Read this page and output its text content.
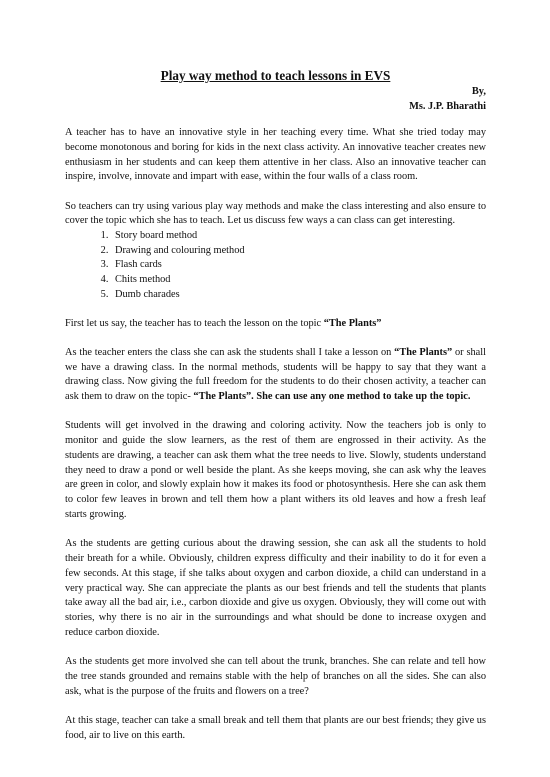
Play way method to teach lessons in EVS
By,
Ms. J.P. Bharathi

A teacher has to have an innovative style in her teaching every time. What she tried today may become monotonous and boring for kids in the next class activity. An innovative teacher creates new enthusiasm in her students and can keep them attentive in her class. Also an innovative teacher can inspire, involve, innovate and impart with ease, within the four walls of a class room.

So teachers can try using various play way methods and make the class interesting and also ensure to cover the topic which she has to teach. Let us discuss few ways a can class can get interesting.

1. Story board method
2. Drawing and colouring method
3. Flash cards
4. Chits method
5. Dumb charades

First let us say, the teacher has to teach the lesson on the topic “The Plants”

As the teacher enters the class she can ask the students shall I take a lesson on “The Plants” or shall we have a drawing class. In the normal methods, students will be happy to say that they want a drawing class. Now giving the full freedom for the students to do their chosen activity, a teacher can ask them to draw on the topic- “The Plants”. She can use any one method to take up the topic.

Students will get involved in the drawing and coloring activity. Now the teachers job is only to monitor and guide the slow learners, as the rest of them are engrossed in their activity. As the students are drawing, a teacher can ask them what the tree needs to live. Slowly, students understand they need to draw a pond or well beside the plant. As she keeps moving, she can ask why the leaves are green in color, and slowly explain how it makes its food or photosynthesis. Here she can ask them to color few leaves in brown and tell them how a plant withers its old leaves and how a fresh leaf starts growing.

As the students are getting curious about the drawing session, she can ask all the students to hold their breath for a while. Obviously, children express difficulty and their inability to do it for even a few seconds. At this stage, if she talks about oxygen and carbon dioxide, a child can understand in a very practical way. She can appreciate the plants as our best friends and tell the students that plants take away all the bad air, i.e., carbon dioxide and give us oxygen. Obviously, they will come out with stories, why there is no air in the surroundings and what should be done to increase oxygen and reduce carbon dioxide.

As the students get more involved she can tell about the trunk, branches. She can relate and tell how the tree stands grounded and remains stable with the help of branches on all the sides. She can also ask, what is the purpose of the fruits and flowers on a tree?

At this stage, teacher can take a small break and tell them that plants are our best friends; they give us food, air to live on this earth.
